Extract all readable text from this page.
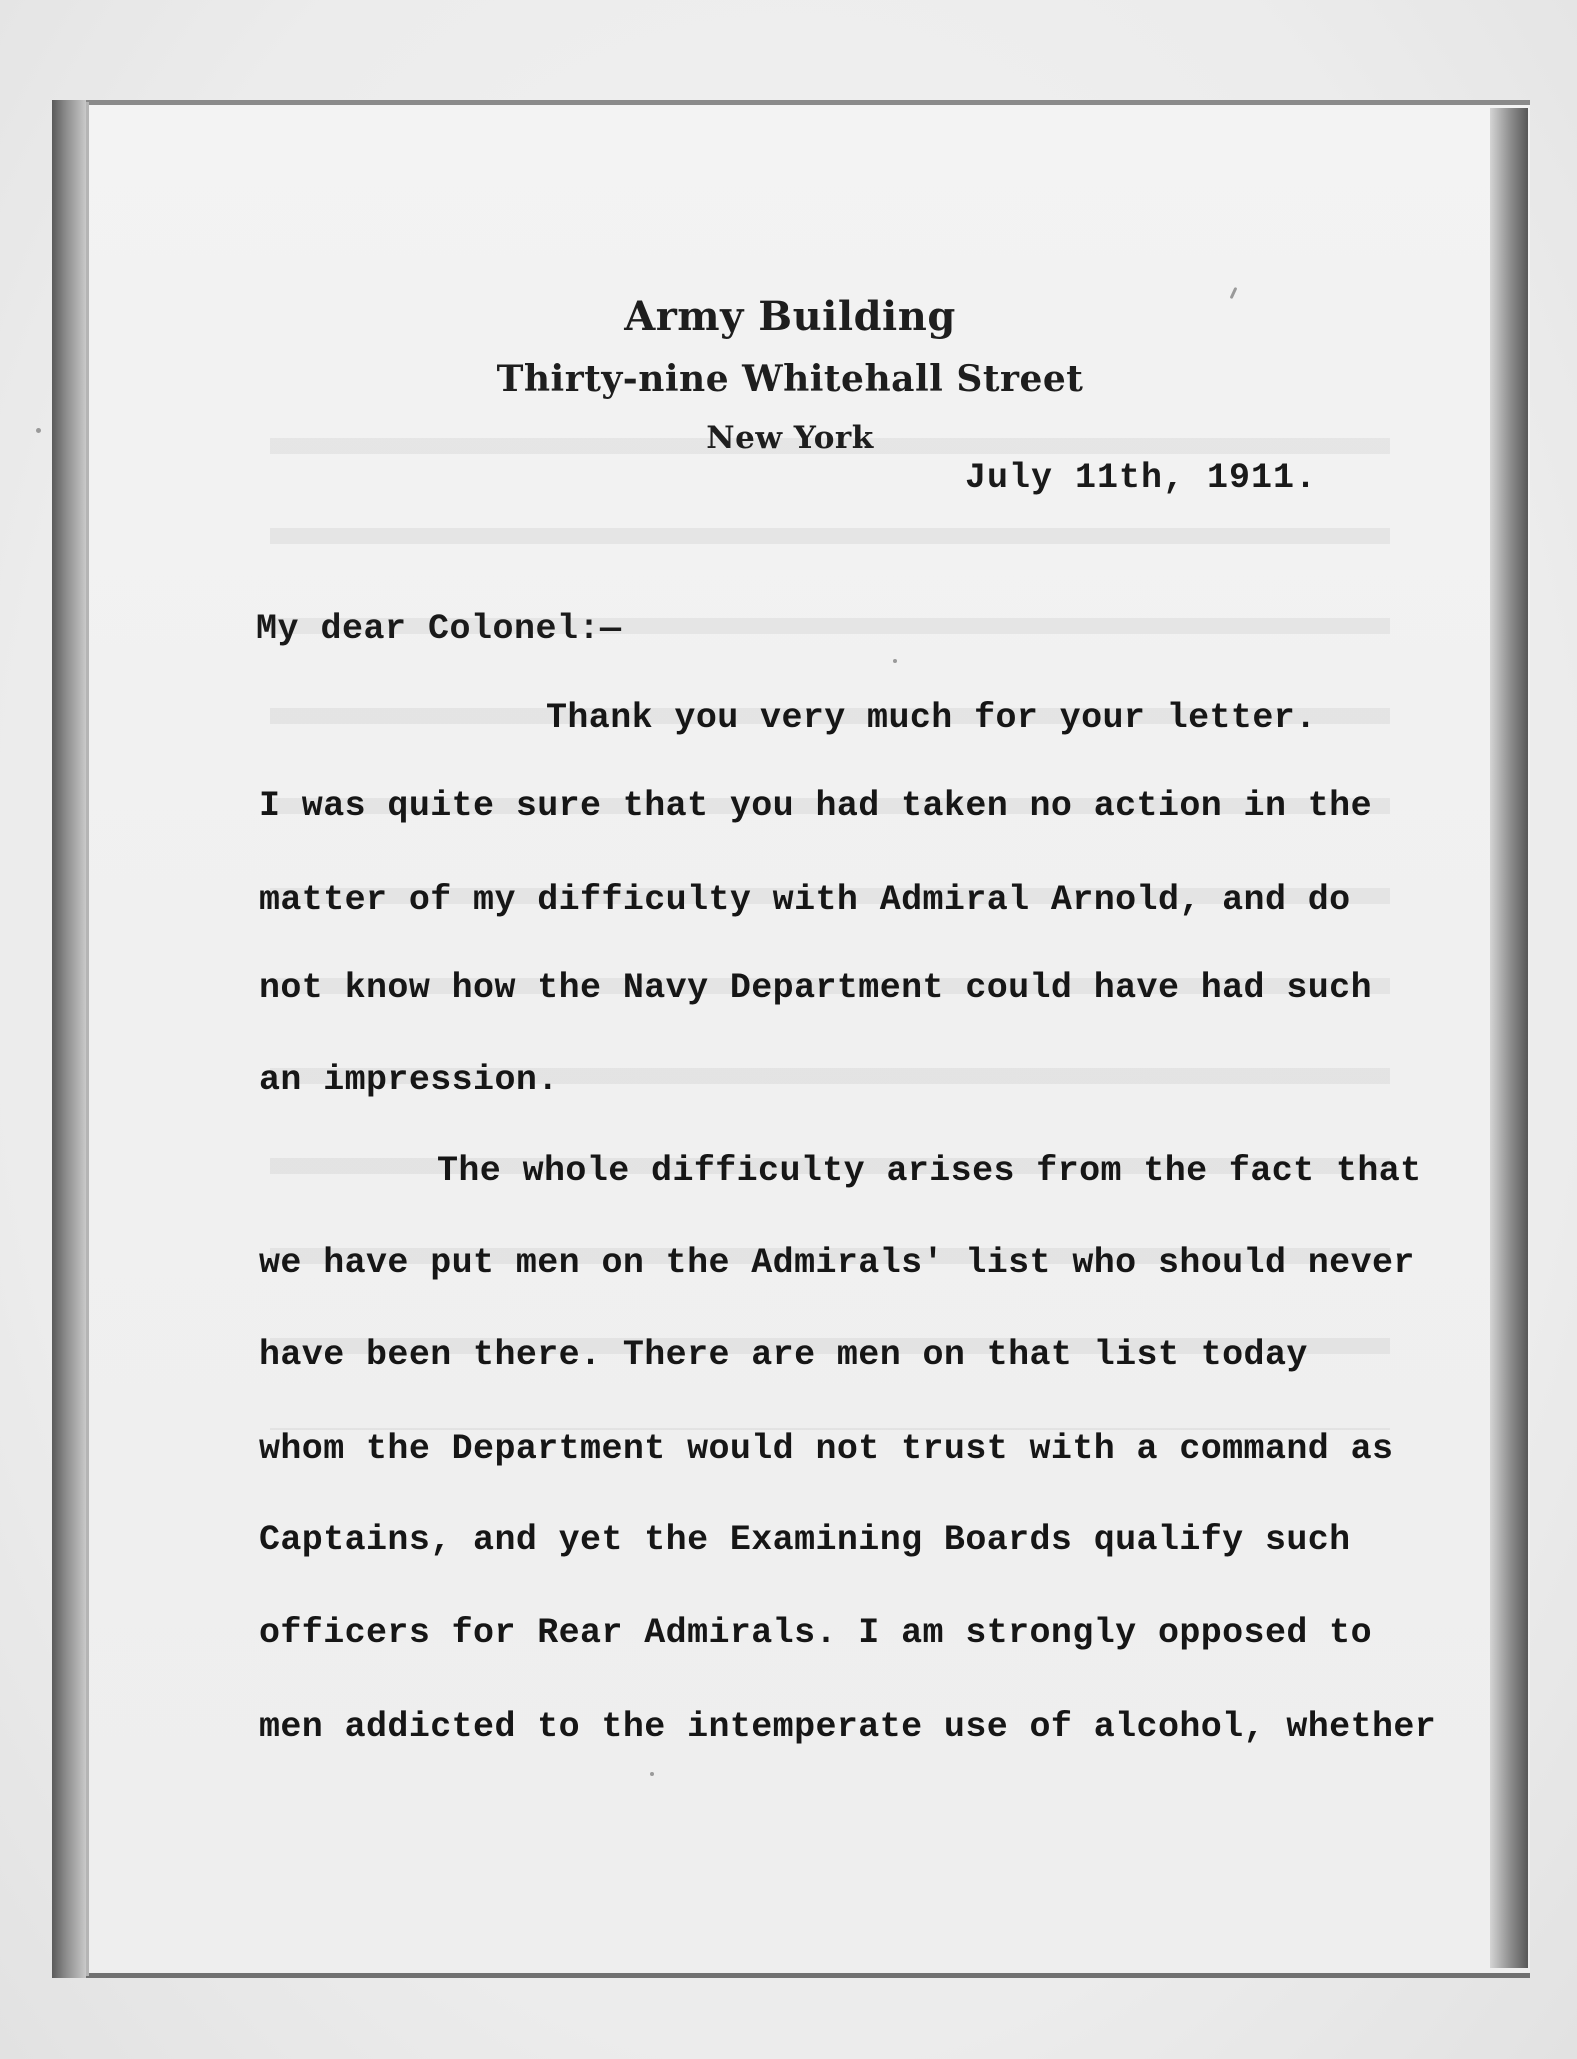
Army Building
Thirty-nine Whitehall Street
New York
July 11th, 1911.
My dear Colonel:—
Thank you very much for your letter.
I was quite sure that you had taken no action in the
matter of my difficulty with Admiral Arnold, and do
not know how the Navy Department could have had such
an impression.
The whole difficulty arises from the fact that
we have put men on the Admirals' list who should never
have been there. There are men on that list today
whom the Department would not trust with a command as
Captains, and yet the Examining Boards qualify such
officers for Rear Admirals. I am strongly opposed to
men addicted to the intemperate use of alcohol, whether
